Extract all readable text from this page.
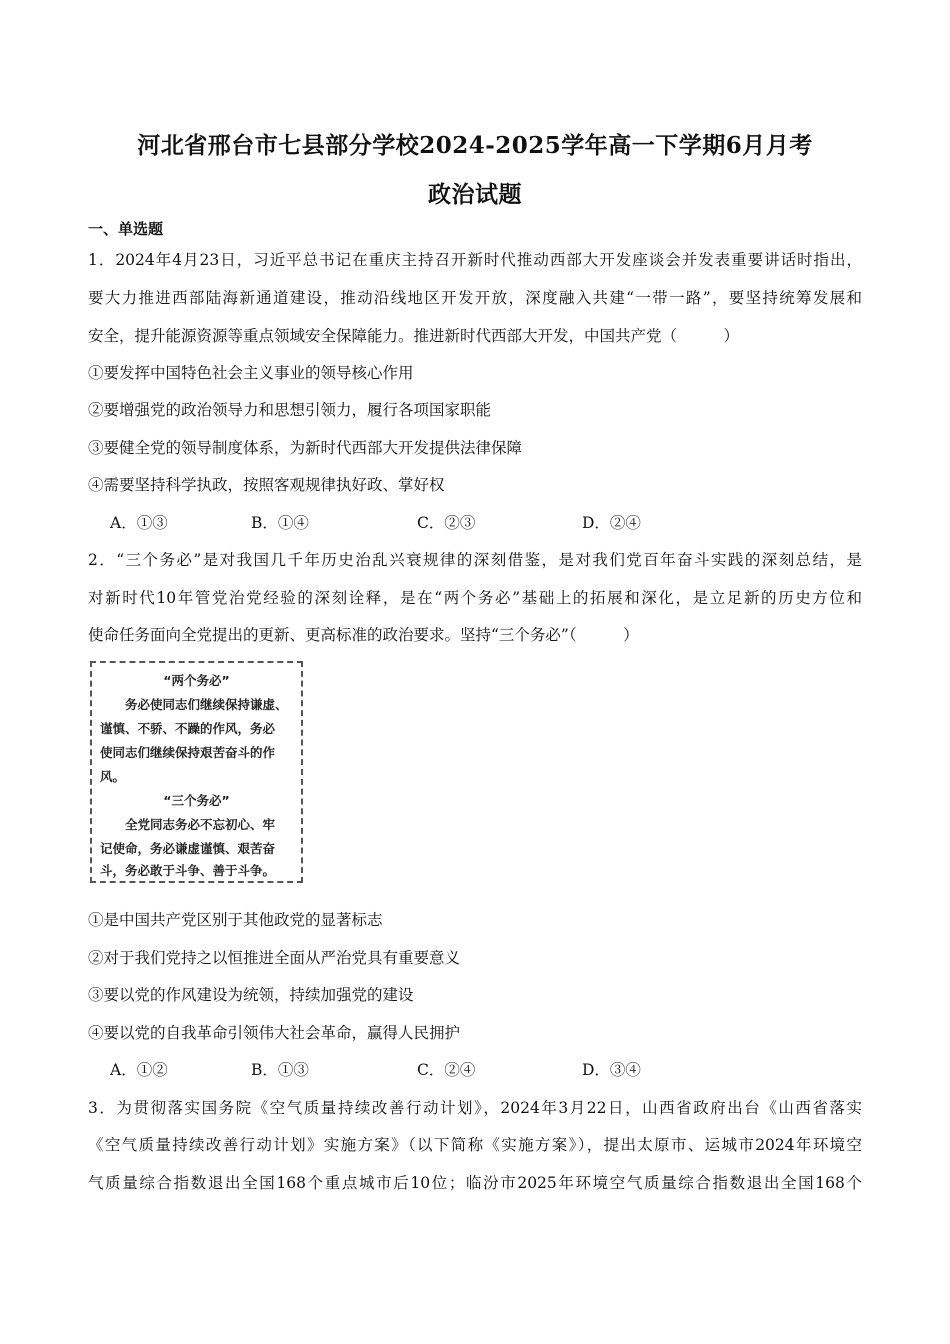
河北省邢台市七县部分学校2024-2025学年高一下学期6月月考
政治试题
一、单选题
1．2024年4月23日，习近平总书记在重庆主持召开新时代推动西部大开发座谈会并发表重要讲话时指出，
要大力推进西部陆海新通道建设，推动沿线地区开发开放，深度融入共建“一带一路”，要坚持统筹发展和
安全，提升能源资源等重点领域安全保障能力。推进新时代西部大开发，中国共产党（　　　）
①要发挥中国特色社会主义事业的领导核心作用
②要增强党的政治领导力和思想引领力，履行各项国家职能
③要健全党的领导制度体系，为新时代西部大开发提供法律保障
④需要坚持科学执政，按照客观规律执好政、掌好权
A．①③	B．①④	C．②③	D．②④
2．“三个务必”是对我国几千年历史治乱兴衰规律的深刻借鉴，是对我们党百年奋斗实践的深刻总结，是
对新时代10年管党治党经验的深刻诠释，是在“两个务必”基础上的拓展和深化，是立足新的历史方位和
使命任务面向全党提出的更新、更高标准的政治要求。坚持“三个务必”（　　　）
“两个务必”
　　务必使同志们继续保持谦虚、
谨慎、不骄、不躁的作风，务必
使同志们继续保持艰苦奋斗的作
风。
“三个务必”
　　全党同志务必不忘初心、牢
记使命，务必谦虚谨慎、艰苦奋
斗，务必敢于斗争、善于斗争。
①是中国共产党区别于其他政党的显著标志
②对于我们党持之以恒推进全面从严治党具有重要意义
③要以党的作风建设为统领，持续加强党的建设
④要以党的自我革命引领伟大社会革命，赢得人民拥护
A．①②	B．①③	C．②④	D．③④
3．为贯彻落实国务院《空气质量持续改善行动计划》，2024年3月22日，山西省政府出台《山西省落实
《空气质量持续改善行动计划》实施方案》（以下简称《实施方案》），提出太原市、运城市2024年环境空
气质量综合指数退出全国168个重点城市后10位；临汾市2025年环境空气质量综合指数退出全国168个
